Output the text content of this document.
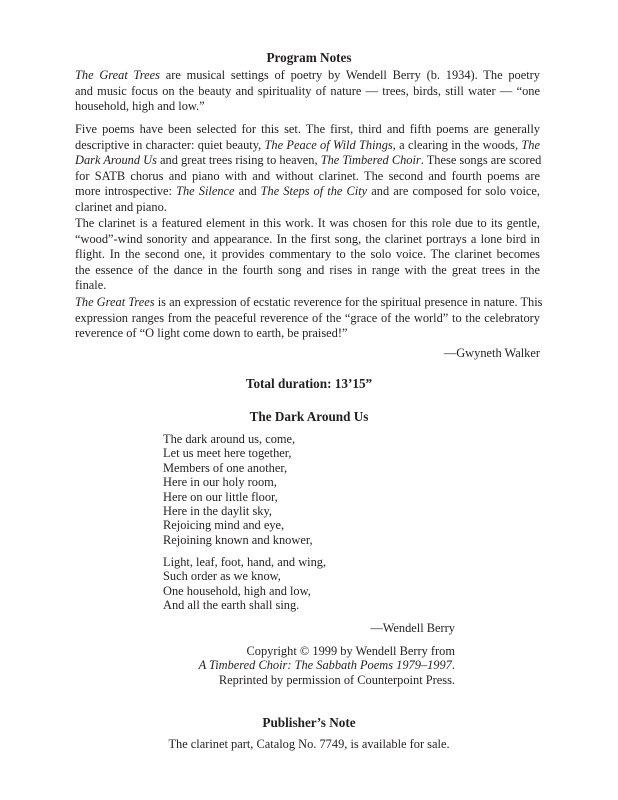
Program Notes

The Great Trees are musical settings of poetry by Wendell Berry (b. 1934). The poetry
and music focus on the beauty and spirituality of nature — trees, birds, still water — “one
household, high and low.”

Five poems have been selected for this set. The first, third and fifth poems are generally
descriptive in character: quiet beauty, The Peace of Wild Things, a clearing in the woods, The
Dark Around Us and great trees rising to heaven, The Timbered Choir. These songs are scored
for SATB chorus and piano with and without clarinet. The second and fourth poems are
more introspective: The Silence and The Steps of the City and are composed for solo voice,
clarinet and piano.

The clarinet is a featured element in this work. It was chosen for this role due to its gentle,
“wood”-wind sonority and appearance. In the first song, the clarinet portrays a lone bird in
flight. In the second one, it provides commentary to the solo voice. The clarinet becomes
the essence of the dance in the fourth song and rises in range with the great trees in the
finale.

The Great Trees is an expression of ecstatic reverence for the spiritual presence in nature. This
expression ranges from the peaceful reverence of the “grace of the world” to the celebratory
reverence of “O light come down to earth, be praised!”

—Gwyneth Walker

Total duration: 13’15”
The Dark Around Us

The dark around us, come,
Let us meet here together,
Members of one another,
Here in our holy room,
Here on our little floor,
Here in the daylit sky,
Rejoicing mind and eye,
Rejoining known and knower,

Light, leaf, foot, hand, and wing,
Such order as we know,
One household, high and low,
And all the earth shall sing.

—Wendell Berry

Copyright © 1999 by Wendell Berry from
A Timbered Choir: The Sabbath Poems 1979–1997.
Reprinted by permission of Counterpoint Press.

Publisher’s Note

The clarinet part, Catalog No. 7749, is available for sale.
